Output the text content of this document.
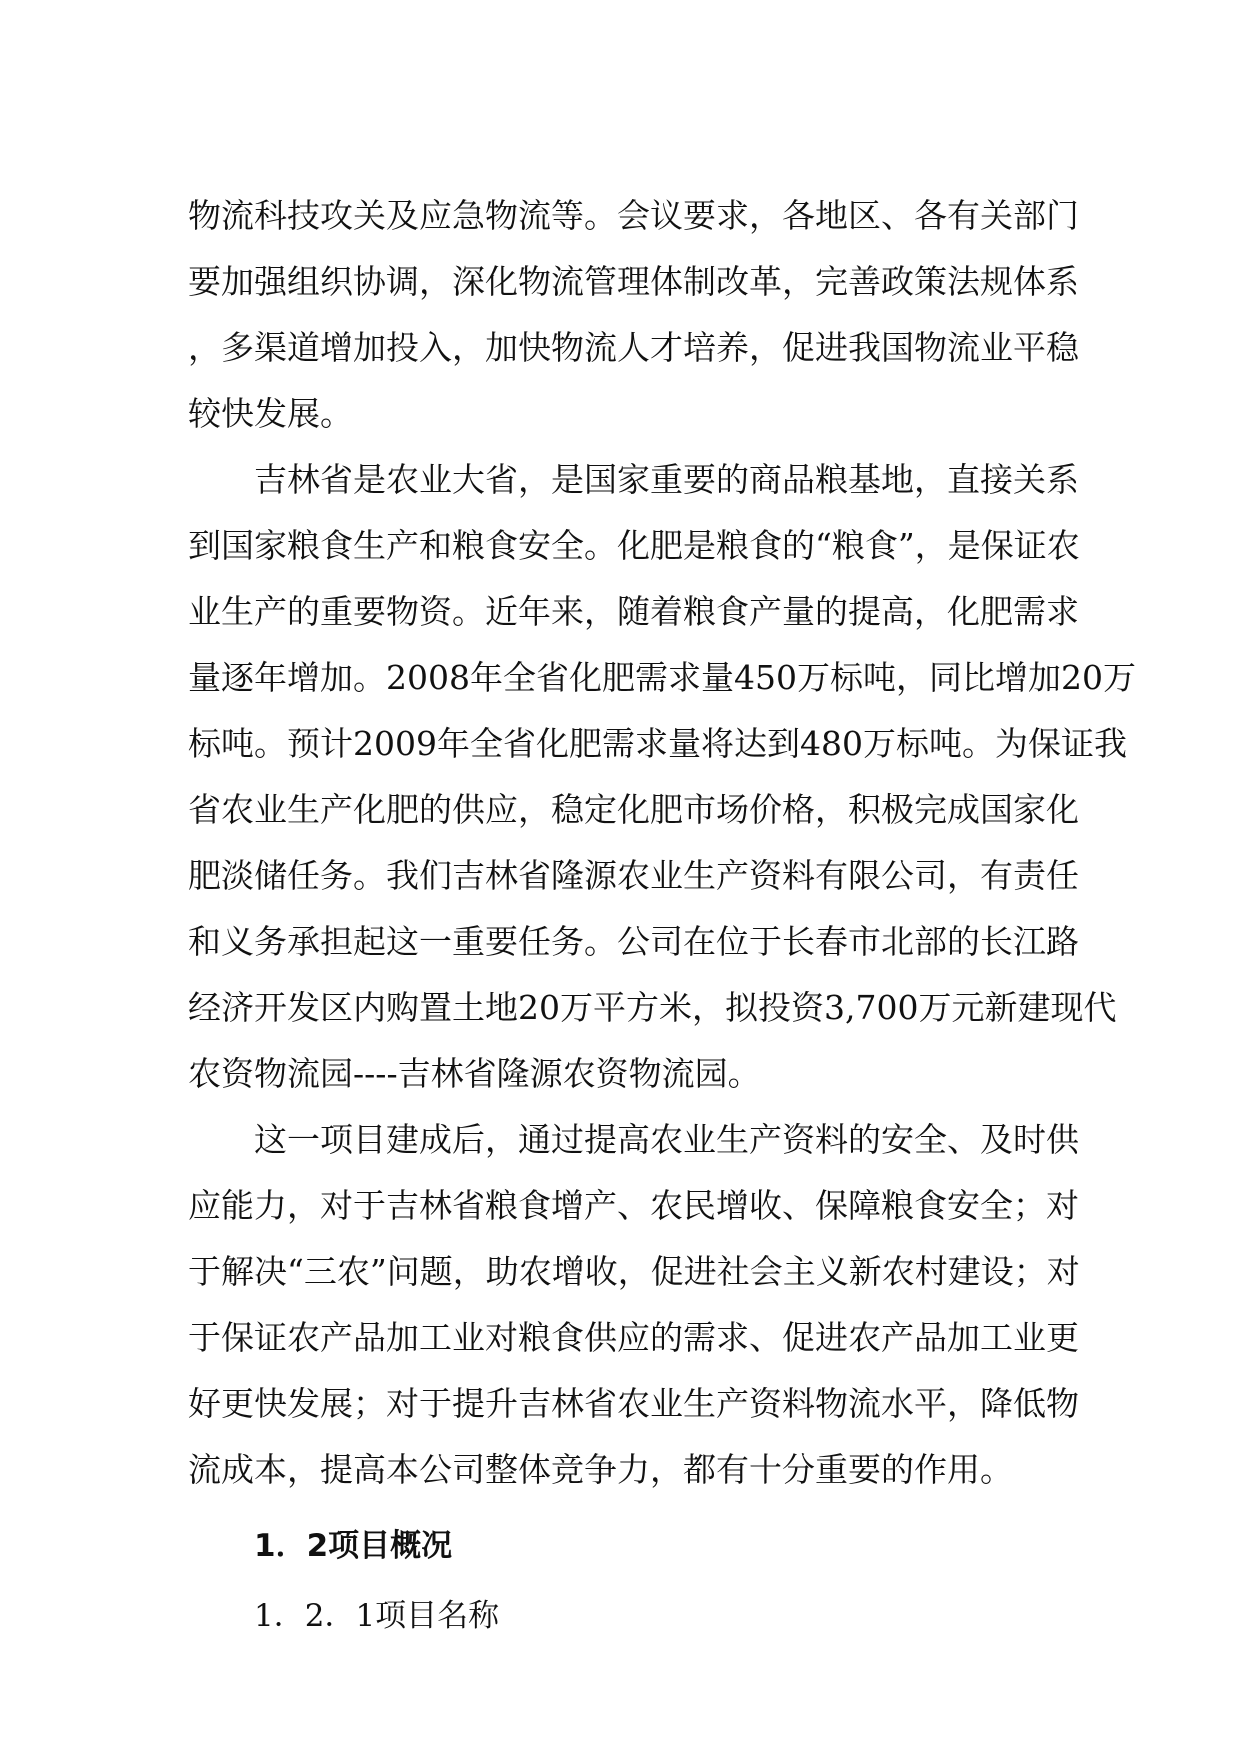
物流科技攻关及应急物流等。会议要求，各地区、各有关部门
要加强组织协调，深化物流管理体制改革，完善政策法规体系
，多渠道增加投入，加快物流人才培养，促进我国物流业平稳
较快发展。
吉林省是农业大省，是国家重要的商品粮基地，直接关系
到国家粮食生产和粮食安全。化肥是粮食的“粮食”，是保证农
业生产的重要物资。近年来，随着粮食产量的提高，化肥需求
量逐年增加。2008年全省化肥需求量450万标吨，同比增加20万
标吨。预计2009年全省化肥需求量将达到480万标吨。为保证我
省农业生产化肥的供应，稳定化肥市场价格，积极完成国家化
肥淡储任务。我们吉林省隆源农业生产资料有限公司，有责任
和义务承担起这一重要任务。公司在位于长春市北部的长江路
经济开发区内购置土地20万平方米，拟投资3,700万元新建现代
农资物流园----吉林省隆源农资物流园。
这一项目建成后，通过提高农业生产资料的安全、及时供
应能力，对于吉林省粮食增产、农民增收、保障粮食安全；对
于解决“三农”问题，助农增收，促进社会主义新农村建设；对
于保证农产品加工业对粮食供应的需求、促进农产品加工业更
好更快发展；对于提升吉林省农业生产资料物流水平，降低物
流成本，提高本公司整体竞争力，都有十分重要的作用。
1．2项目概况
1．2．1项目名称
